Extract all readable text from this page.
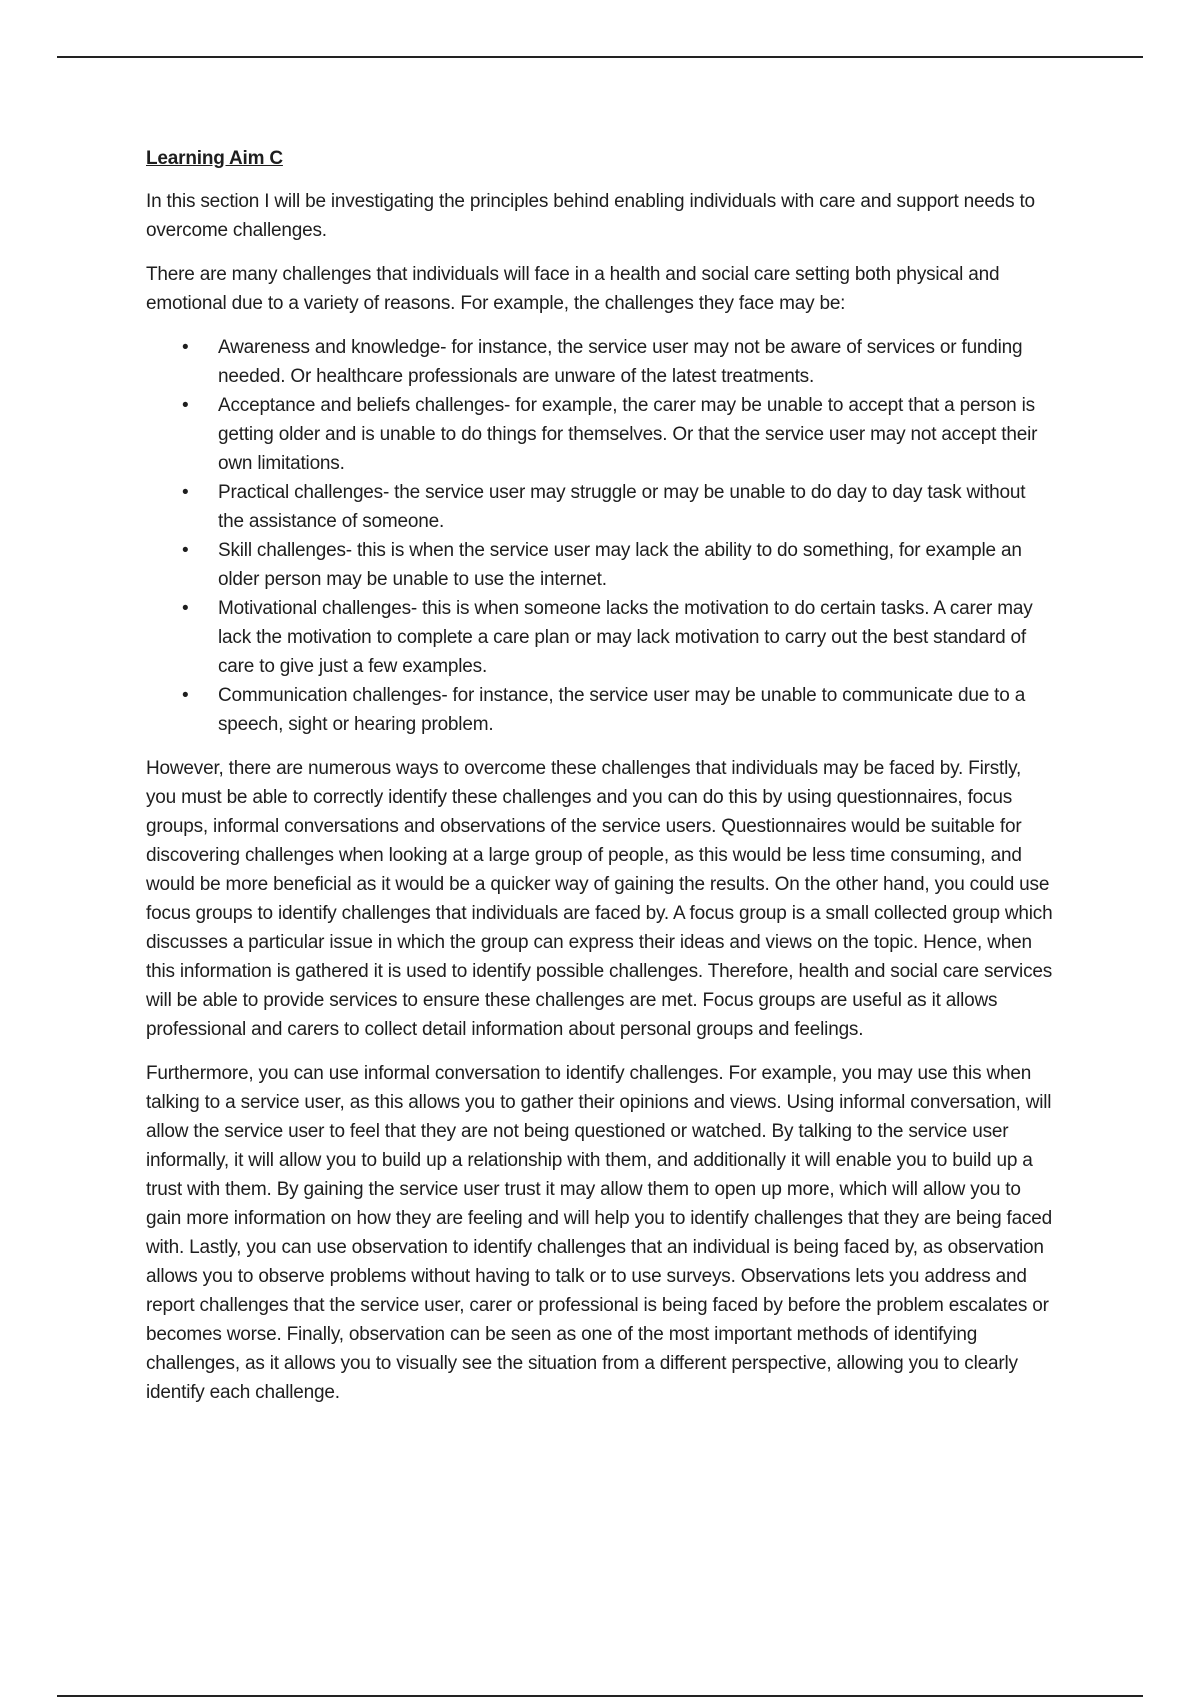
Learning Aim C

In this section I will be investigating the principles behind enabling individuals with care and support needs to overcome challenges.

There are many challenges that individuals will face in a health and social care setting both physical and emotional due to a variety of reasons. For example, the challenges they face may be:

•	Awareness and knowledge- for instance, the service user may not be aware of services or funding needed. Or healthcare professionals are unware of the latest treatments.
•	Acceptance and beliefs challenges- for example, the carer may be unable to accept that a person is getting older and is unable to do things for themselves. Or that the service user may not accept their own limitations.
•	Practical challenges- the service user may struggle or may be unable to do day to day task without the assistance of someone.
•	Skill challenges- this is when the service user may lack the ability to do something, for example an older person may be unable to use the internet.
•	Motivational challenges- this is when someone lacks the motivation to do certain tasks. A carer may lack the motivation to complete a care plan or may lack motivation to carry out the best standard of care to give just a few examples.
•	Communication challenges- for instance, the service user may be unable to communicate due to a speech, sight or hearing problem.

However, there are numerous ways to overcome these challenges that individuals may be faced by. Firstly, you must be able to correctly identify these challenges and you can do this by using questionnaires, focus groups, informal conversations and observations of the service users. Questionnaires would be suitable for discovering challenges when looking at a large group of people, as this would be less time consuming, and would be more beneficial as it would be a quicker way of gaining the results. On the other hand, you could use focus groups to identify challenges that individuals are faced by. A focus group is a small collected group which discusses a particular issue in which the group can express their ideas and views on the topic. Hence, when this information is gathered it is used to identify possible challenges. Therefore, health and social care services will be able to provide services to ensure these challenges are met. Focus groups are useful as it allows professional and carers to collect detail information about personal groups and feelings.

Furthermore, you can use informal conversation to identify challenges. For example, you may use this when talking to a service user, as this allows you to gather their opinions and views. Using informal conversation, will allow the service user to feel that they are not being questioned or watched. By talking to the service user informally, it will allow you to build up a relationship with them, and additionally it will enable you to build up a trust with them. By gaining the service user trust it may allow them to open up more, which will allow you to gain more information on how they are feeling and will help you to identify challenges that they are being faced with. Lastly, you can use observation to identify challenges that an individual is being faced by, as observation allows you to observe problems without having to talk or to use surveys. Observations lets you address and report challenges that the service user, carer or professional is being faced by before the problem escalates or becomes worse. Finally, observation can be seen as one of the most important methods of identifying challenges, as it allows you to visually see the situation from a different perspective, allowing you to clearly identify each challenge.
